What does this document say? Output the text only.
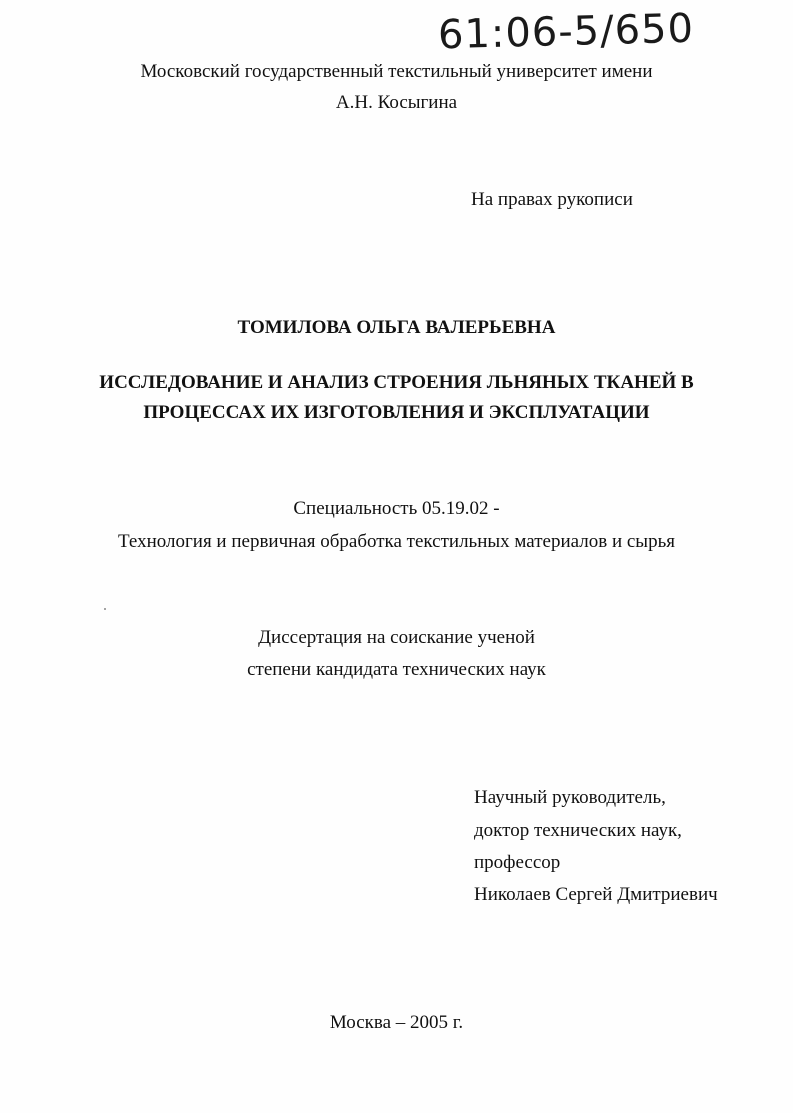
61:06-5/650
Московский государственный текстильный университет имени
А.Н. Косыгина
На правах рукописи
ТОМИЛОВА ОЛЬГА ВАЛЕРЬЕВНА
ИССЛЕДОВАНИЕ И АНАЛИЗ СТРОЕНИЯ ЛЬНЯНЫХ ТКАНЕЙ В
ПРОЦЕССАХ ИХ ИЗГОТОВЛЕНИЯ И ЭКСПЛУАТАЦИИ
Специальность 05.19.02 -
Технология и первичная обработка текстильных материалов и сырья
Диссертация на соискание ученой
степени кандидата технических наук
Научный руководитель,
доктор технических наук,
профессор
Николаев Сергей Дмитриевич
Москва – 2005 г.
